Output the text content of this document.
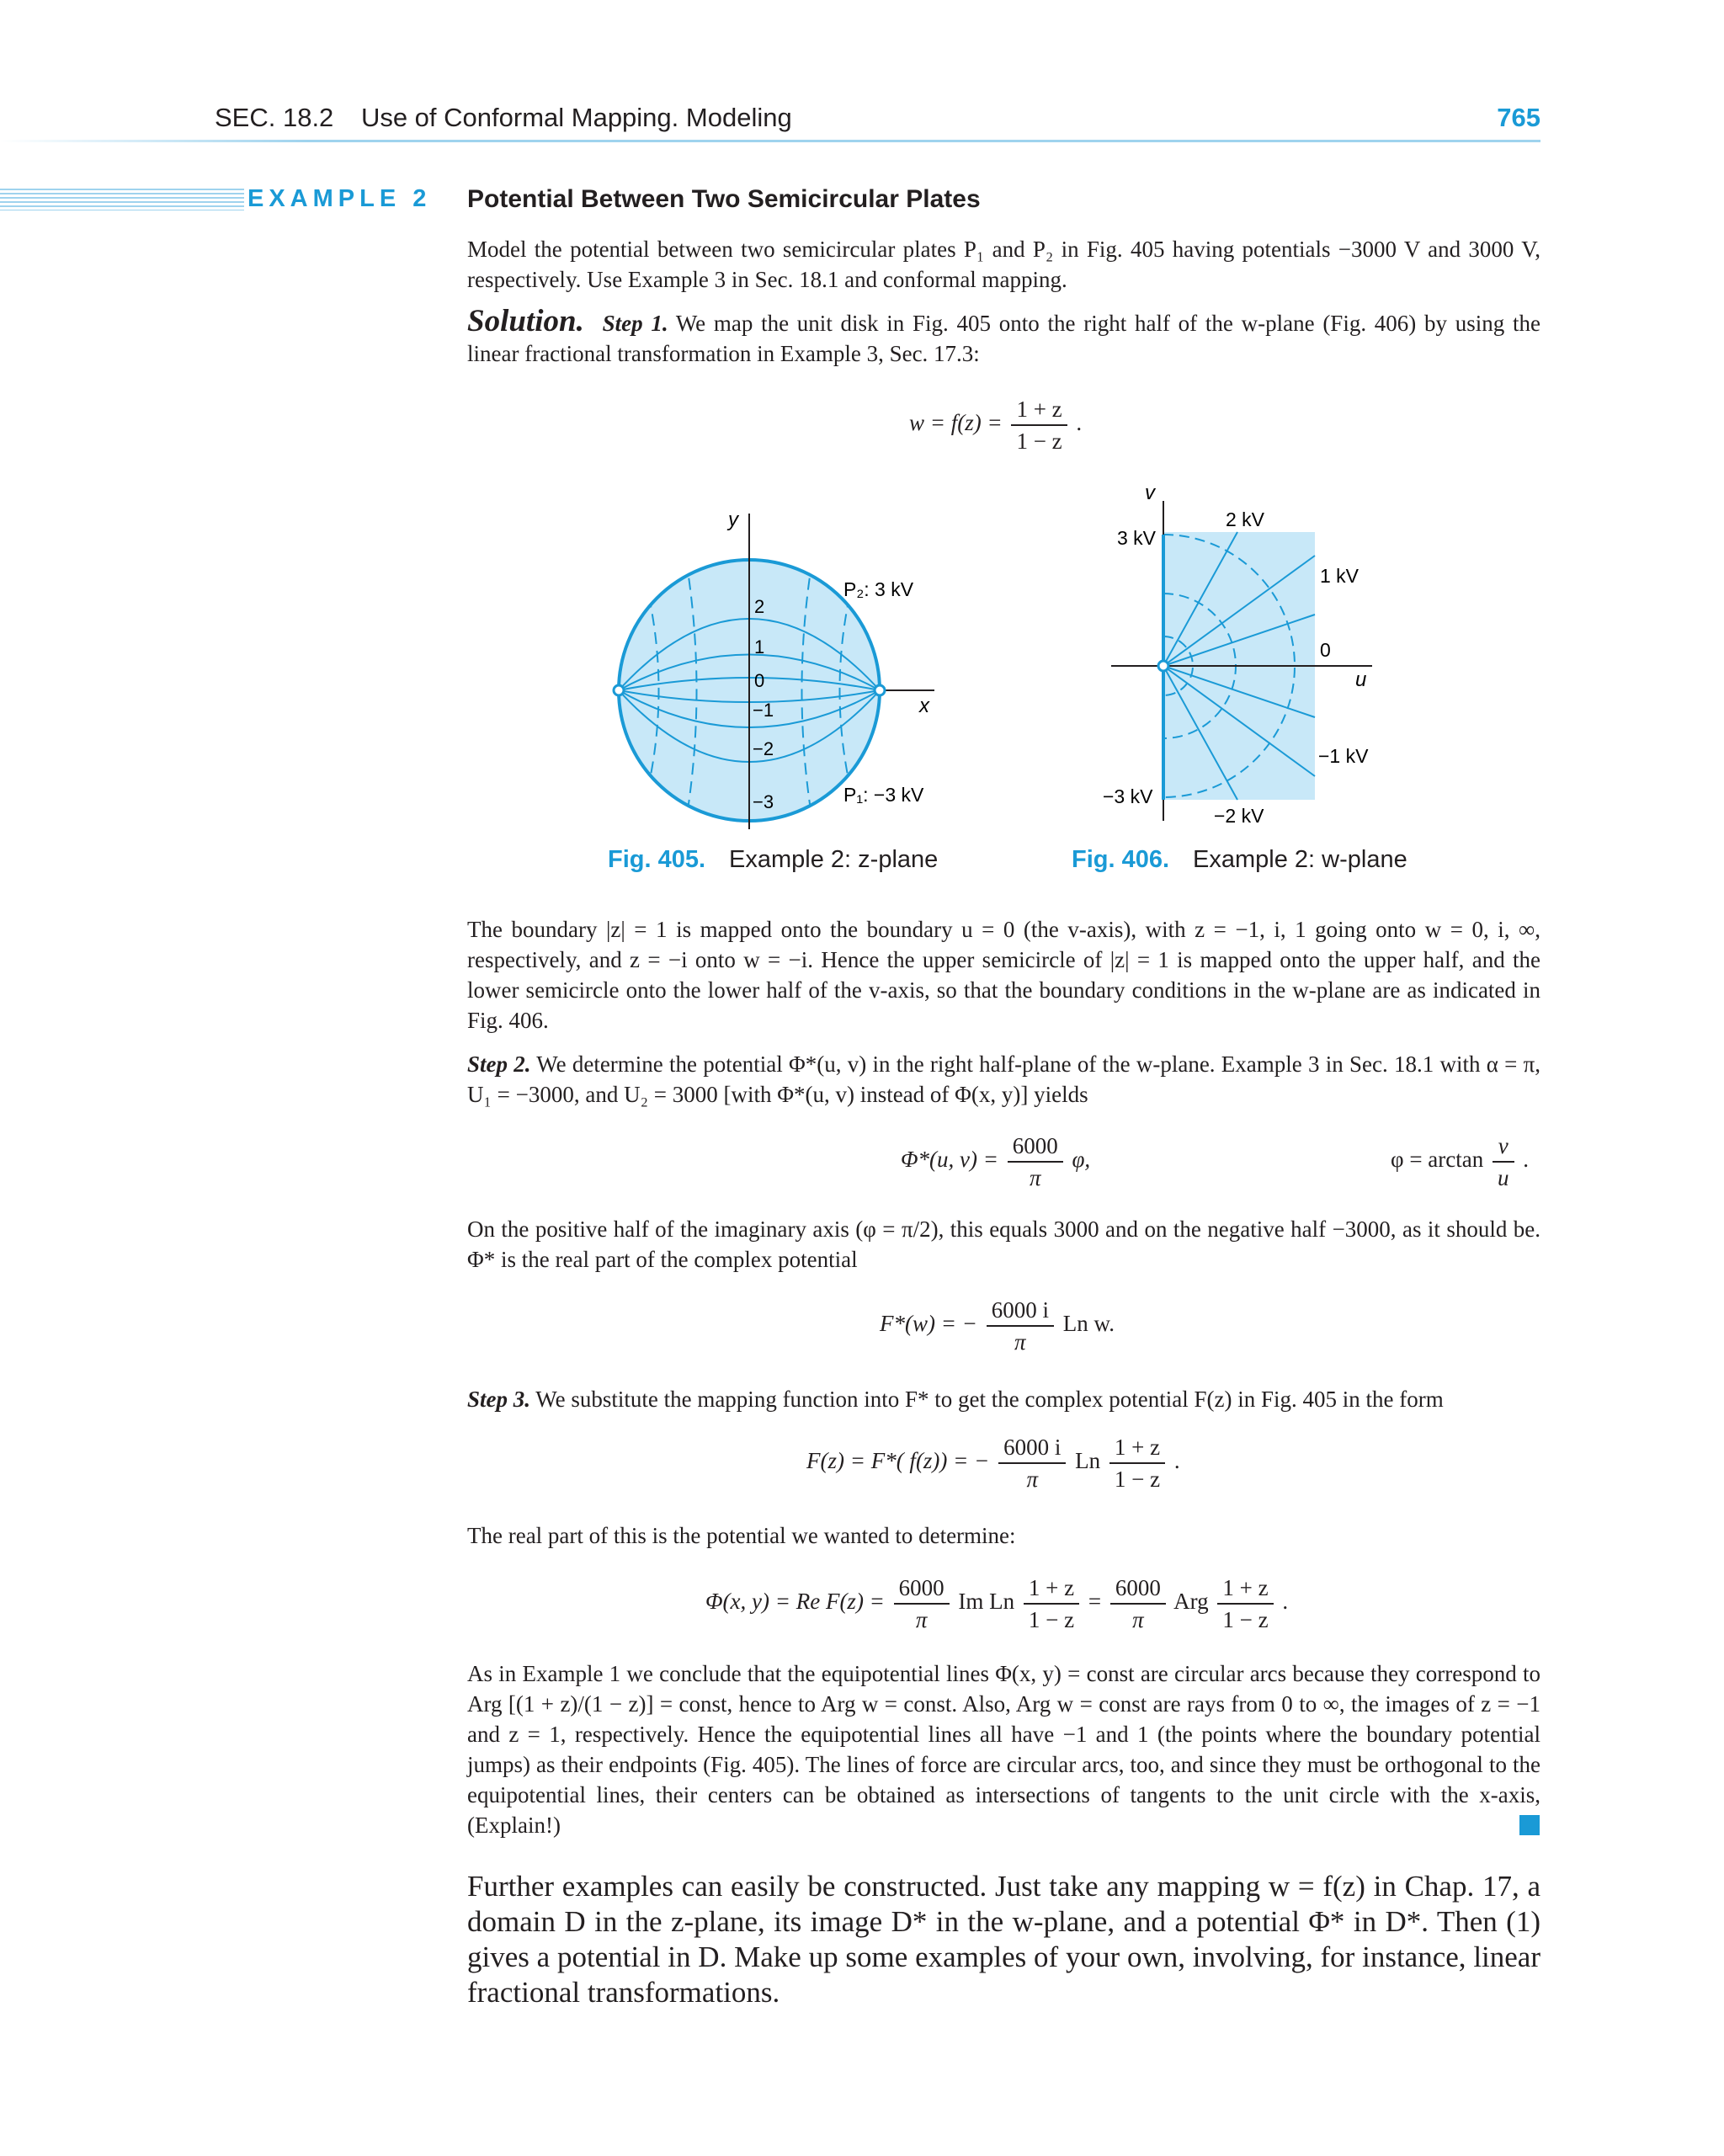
SEC. 18.2 Use of Conformal Mapping. Modeling	765
EXAMPLE 2 Potential Between Two Semicircular Plates

Model the potential between two semicircular plates P₁ and P₂ in Fig. 405 having potentials −3000 V and 3000 V, respectively. Use Example 3 in Sec. 18.1 and conformal mapping.

Solution. Step 1. We map the unit disk in Fig. 405 onto the right half of the w-plane (Fig. 406) by using the linear fractional transformation in Example 3, Sec. 17.3:

$w = f(z) = \frac{1 + z}{1 - z}$ .
y
x
P₂: 3 kV
P₁: −3 kV
2
1
0
−1
−2
−3
Fig. 405. Example 2: z-plane
v
u
3 kV
2 kV
1 kV
0
−1 kV
−3 kV
−2 kV
Fig. 406. Example 2: w-plane

The boundary |z| = 1 is mapped onto the boundary u = 0 (the v-axis), with z = −1, i, 1 going onto w = 0, i, ∞, respectively, and z = −i onto w = −i. Hence the upper semicircle of |z| = 1 is mapped onto the upper half, and the lower semicircle onto the lower half of the v-axis, so that the boundary conditions in the w-plane are as indicated in Fig. 406.

Step 2. We determine the potential Φ*(u, v) in the right half-plane of the w-plane. Example 3 in Sec. 18.1 with α = π, U₁ = −3000, and U₂ = 3000 [with Φ*(u, v) instead of Φ(x, y)] yields

Φ*(u, $v) = \frac{6000}{\pi} \varphi$,	$\varphi = \arctan \frac{v}{u}$ .

On the positive half of the imaginary axis (φ = π/2), this equals 3000 and on the negative half −3000, as it should be. Φ* is the real part of the complex potential

F*(w) = − $\frac{6000 i}{\pi}$ Ln w.

Step 3. We substitute the mapping function into F* to get the complex potential F(z) in Fig. 405 in the form

F(z) = F*( f(z)) = − $\frac{6000 i}{\pi}$ Ln $\frac{1 + z}{1 - z}$ .

The real part of this is the potential we wanted to determine:

Φ(x, y) = Re $F(z) = \frac{6000}{\pi}$ Im Ln $\frac{1 + z}{1 - z} = \frac{6000}{\pi}$ Arg $\frac{1 + z}{1 - z}$ .

As in Example 1 we conclude that the equipotential lines Φ(x, y) = const are circular arcs because they correspond to Arg [(1 + z)/(1 − z)] = const, hence to Arg w = const. Also, Arg w = const are rays from 0 to ∞, the images of z = −1 and z = 1, respectively. Hence the equipotential lines all have −1 and 1 (the points where the boundary potential jumps) as their endpoints (Fig. 405). The lines of force are circular arcs, too, and since they must be orthogonal to the equipotential lines, their centers can be obtained as intersections of tangents to the unit circle with the x-axis, (Explain!)

Further examples can easily be constructed. Just take any mapping w = f(z) in Chap. 17, a domain D in the z-plane, its image D* in the w-plane, and a potential Φ* in D*. Then (1) gives a potential in D. Make up some examples of your own, involving, for instance, linear fractional transformations.
